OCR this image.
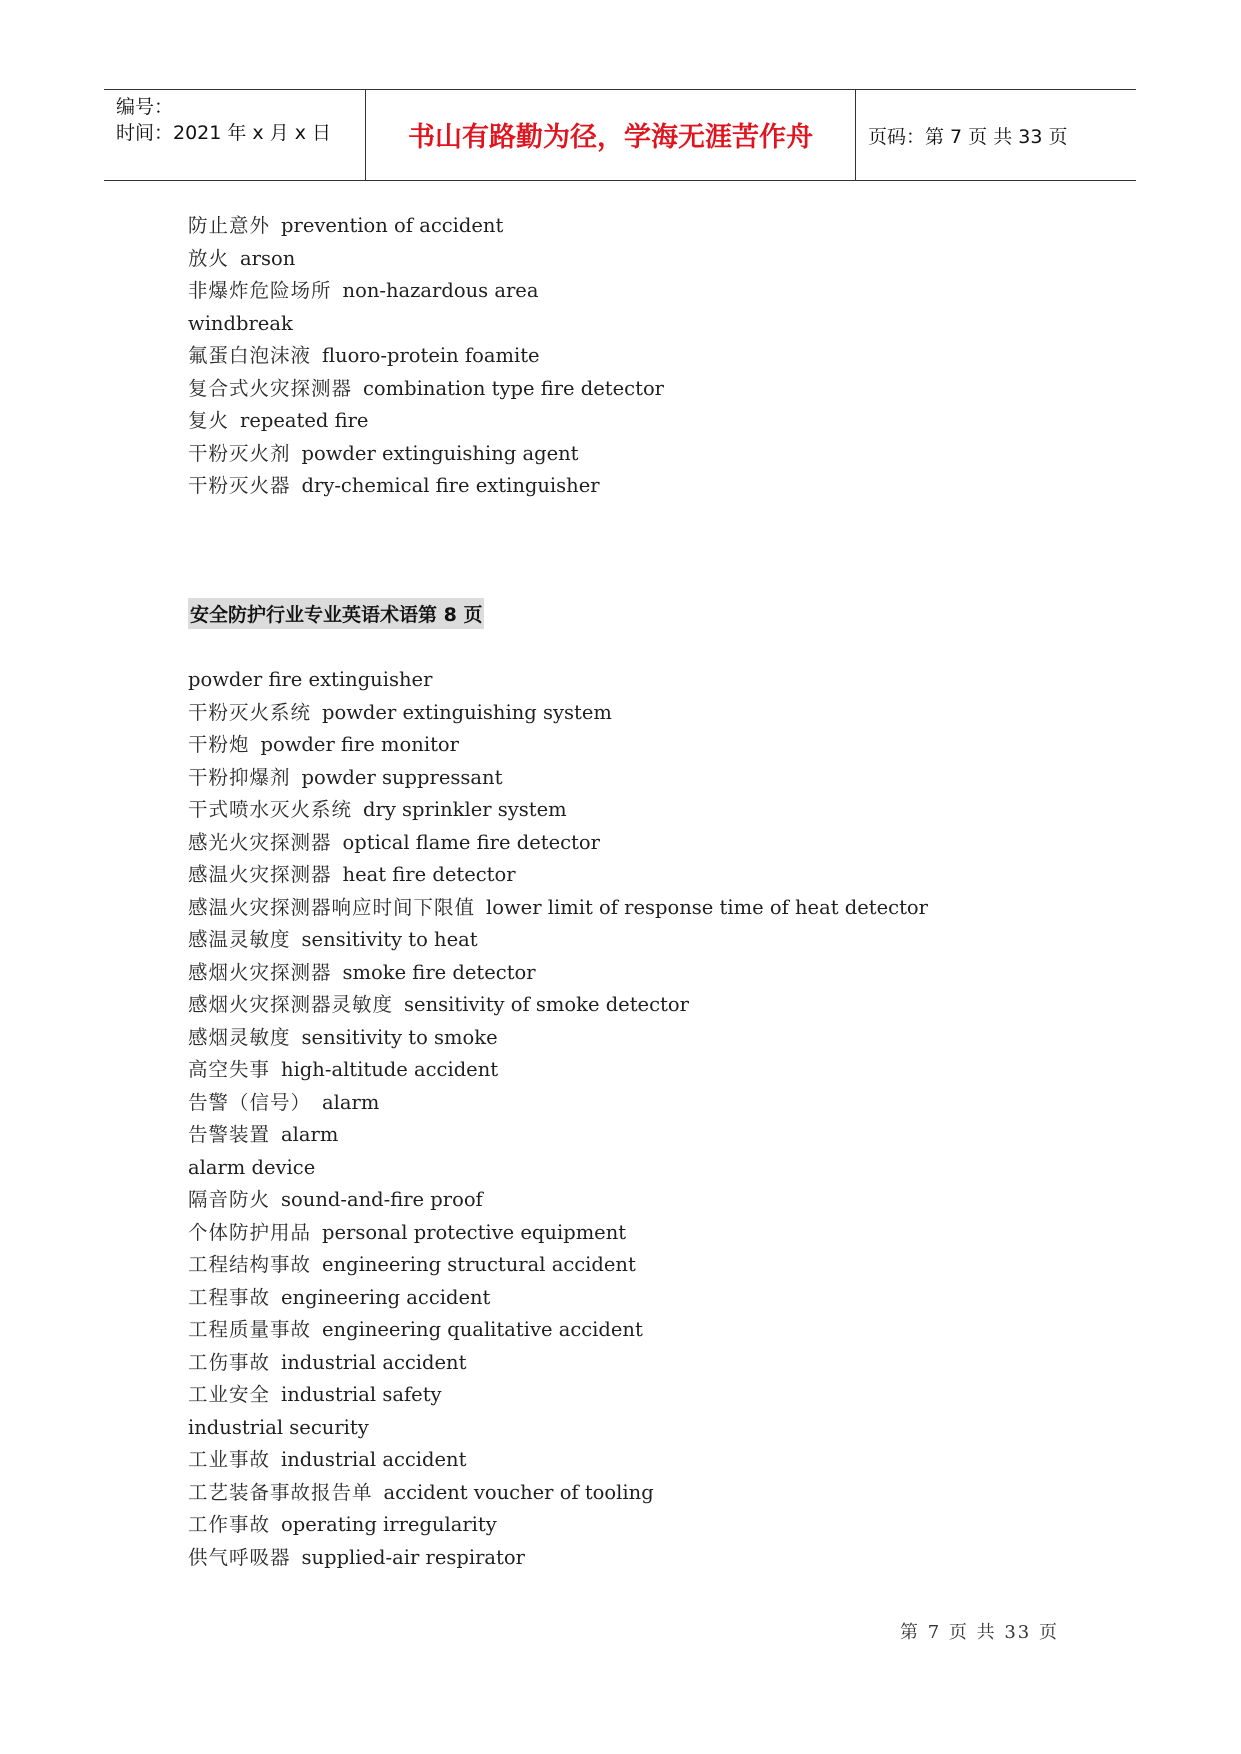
编号：
时间：2021 年 x 月 x 日	书山有路勤为径，学海无涯苦作舟	页码：第 7 页 共 33 页
防止意外 prevention of accident
放火 arson
非爆炸危险场所 non-hazardous area
windbreak
氟蛋白泡沫液 fluoro-protein foamite
复合式火灾探测器 combination type fire detector
复火 repeated fire
干粉灭火剂 powder extinguishing agent
干粉灭火器 dry-chemical fire extinguisher
安全防护行业专业英语术语第 8 页
powder fire extinguisher
干粉灭火系统 powder extinguishing system
干粉炮 powder fire monitor
干粉抑爆剂 powder suppressant
干式喷水灭火系统 dry sprinkler system
感光火灾探测器 optical flame fire detector
感温火灾探测器 heat fire detector
感温火灾探测器响应时间下限值 lower limit of response time of heat detector
感温灵敏度 sensitivity to heat
感烟火灾探测器 smoke fire detector
感烟火灾探测器灵敏度 sensitivity of smoke detector
感烟灵敏度 sensitivity to smoke
高空失事 high-altitude accident
告警（信号） alarm
告警装置 alarm
alarm device
隔音防火 sound-and-fire proof
个体防护用品 personal protective equipment
工程结构事故 engineering structural accident
工程事故 engineering accident
工程质量事故 engineering qualitative accident
工伤事故 industrial accident
工业安全 industrial safety
industrial security
工业事故 industrial accident
工艺装备事故报告单 accident voucher of tooling
工作事故 operating irregularity
供气呼吸器 supplied-air respirator
第 7 页 共 33 页
